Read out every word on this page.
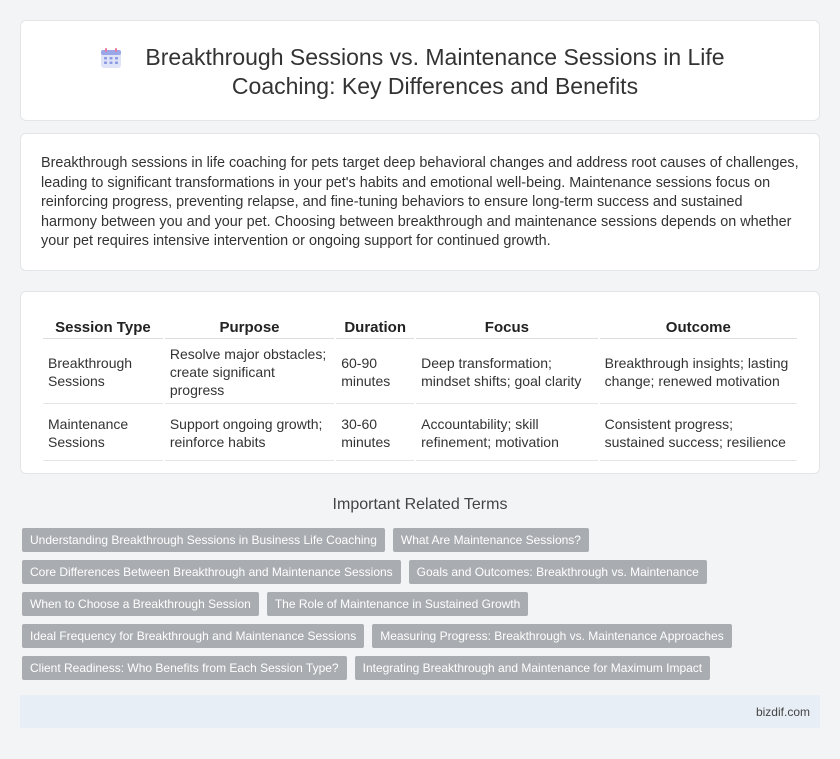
Breakthrough Sessions vs. Maintenance Sessions in Life Coaching: Key Differences and Benefits

Breakthrough sessions in life coaching for pets target deep behavioral changes and address root causes of challenges, leading to significant transformations in your pet's habits and emotional well-being. Maintenance sessions focus on reinforcing progress, preventing relapse, and fine-tuning behaviors to ensure long-term success and sustained harmony between you and your pet. Choosing between breakthrough and maintenance sessions depends on whether your pet requires intensive intervention or ongoing support for continued growth.

Session Type	Purpose	Duration	Focus	Outcome
Breakthrough Sessions	Resolve major obstacles; create significant progress	60-90 minutes	Deep transformation; mindset shifts; goal clarity	Breakthrough insights; lasting change; renewed motivation
Maintenance Sessions	Support ongoing growth; reinforce habits	30-60 minutes	Accountability; skill refinement; motivation	Consistent progress; sustained success; resilience
Important Related Terms
Understanding Breakthrough Sessions in Business Life Coaching	What Are Maintenance Sessions?
Core Differences Between Breakthrough and Maintenance Sessions	Goals and Outcomes: Breakthrough vs. Maintenance
When to Choose a Breakthrough Session	The Role of Maintenance in Sustained Growth
Ideal Frequency for Breakthrough and Maintenance Sessions	Measuring Progress: Breakthrough vs. Maintenance Approaches
Client Readiness: Who Benefits from Each Session Type?	Integrating Breakthrough and Maintenance for Maximum Impact
bizdif.com
